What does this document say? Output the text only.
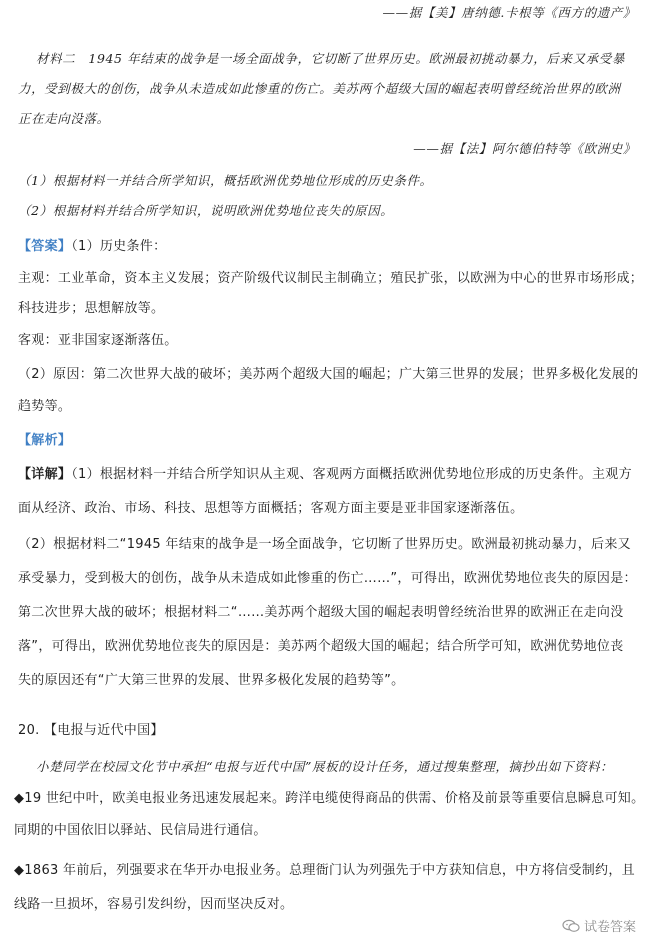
——据【美】唐纳德.卡根等《西方的遗产》
材料二　1945 年结束的战争是一场全面战争，它切断了世界历史。欧洲最初挑动暴力，后来又承受暴
力，受到极大的创伤，战争从未造成如此惨重的伤亡。美苏两个超级大国的崛起表明曾经统治世界的欧洲
正在走向没落。
——据【法】阿尔德伯特等《欧洲史》
（1）根据材料一并结合所学知识，概括欧洲优势地位形成的历史条件。
（2）根据材料并结合所学知识，说明欧洲优势地位丧失的原因。
【答案】（1）历史条件：
主观：工业革命，资本主义发展；资产阶级代议制民主制确立；殖民扩张，以欧洲为中心的世界市场形成；
科技进步；思想解放等。
客观：亚非国家逐渐落伍。
（2）原因：第二次世界大战的破坏；美苏两个超级大国的崛起；广大第三世界的发展；世界多极化发展的
趋势等。
【解析】
【详解】（1）根据材料一并结合所学知识从主观、客观两方面概括欧洲优势地位形成的历史条件。主观方
面从经济、政治、市场、科技、思想等方面概括；客观方面主要是亚非国家逐渐落伍。
（2）根据材料二“1945 年结束的战争是一场全面战争，它切断了世界历史。欧洲最初挑动暴力，后来又
承受暴力，受到极大的创伤，战争从未造成如此惨重的伤亡……”，可得出，欧洲优势地位丧失的原因是：
第二次世界大战的破坏；根据材料二“……美苏两个超级大国的崛起表明曾经统治世界的欧洲正在走向没
落”，可得出，欧洲优势地位丧失的原因是：美苏两个超级大国的崛起；结合所学可知，欧洲优势地位丧
失的原因还有“广大第三世界的发展、世界多极化发展的趋势等”。
20. 【电报与近代中国】
小楚同学在校园文化节中承担“电报与近代中国”展板的设计任务，通过搜集整理，摘抄出如下资料：
◆19 世纪中叶，欧美电报业务迅速发展起来。跨洋电缆使得商品的供需、价格及前景等重要信息瞬息可知。
同期的中国依旧以驿站、民信局进行通信。
◆1863 年前后，列强要求在华开办电报业务。总理衙门认为列强先于中方获知信息，中方将信受制约，且
线路一旦损坏，容易引发纠纷，因而坚决反对。
试卷答案
